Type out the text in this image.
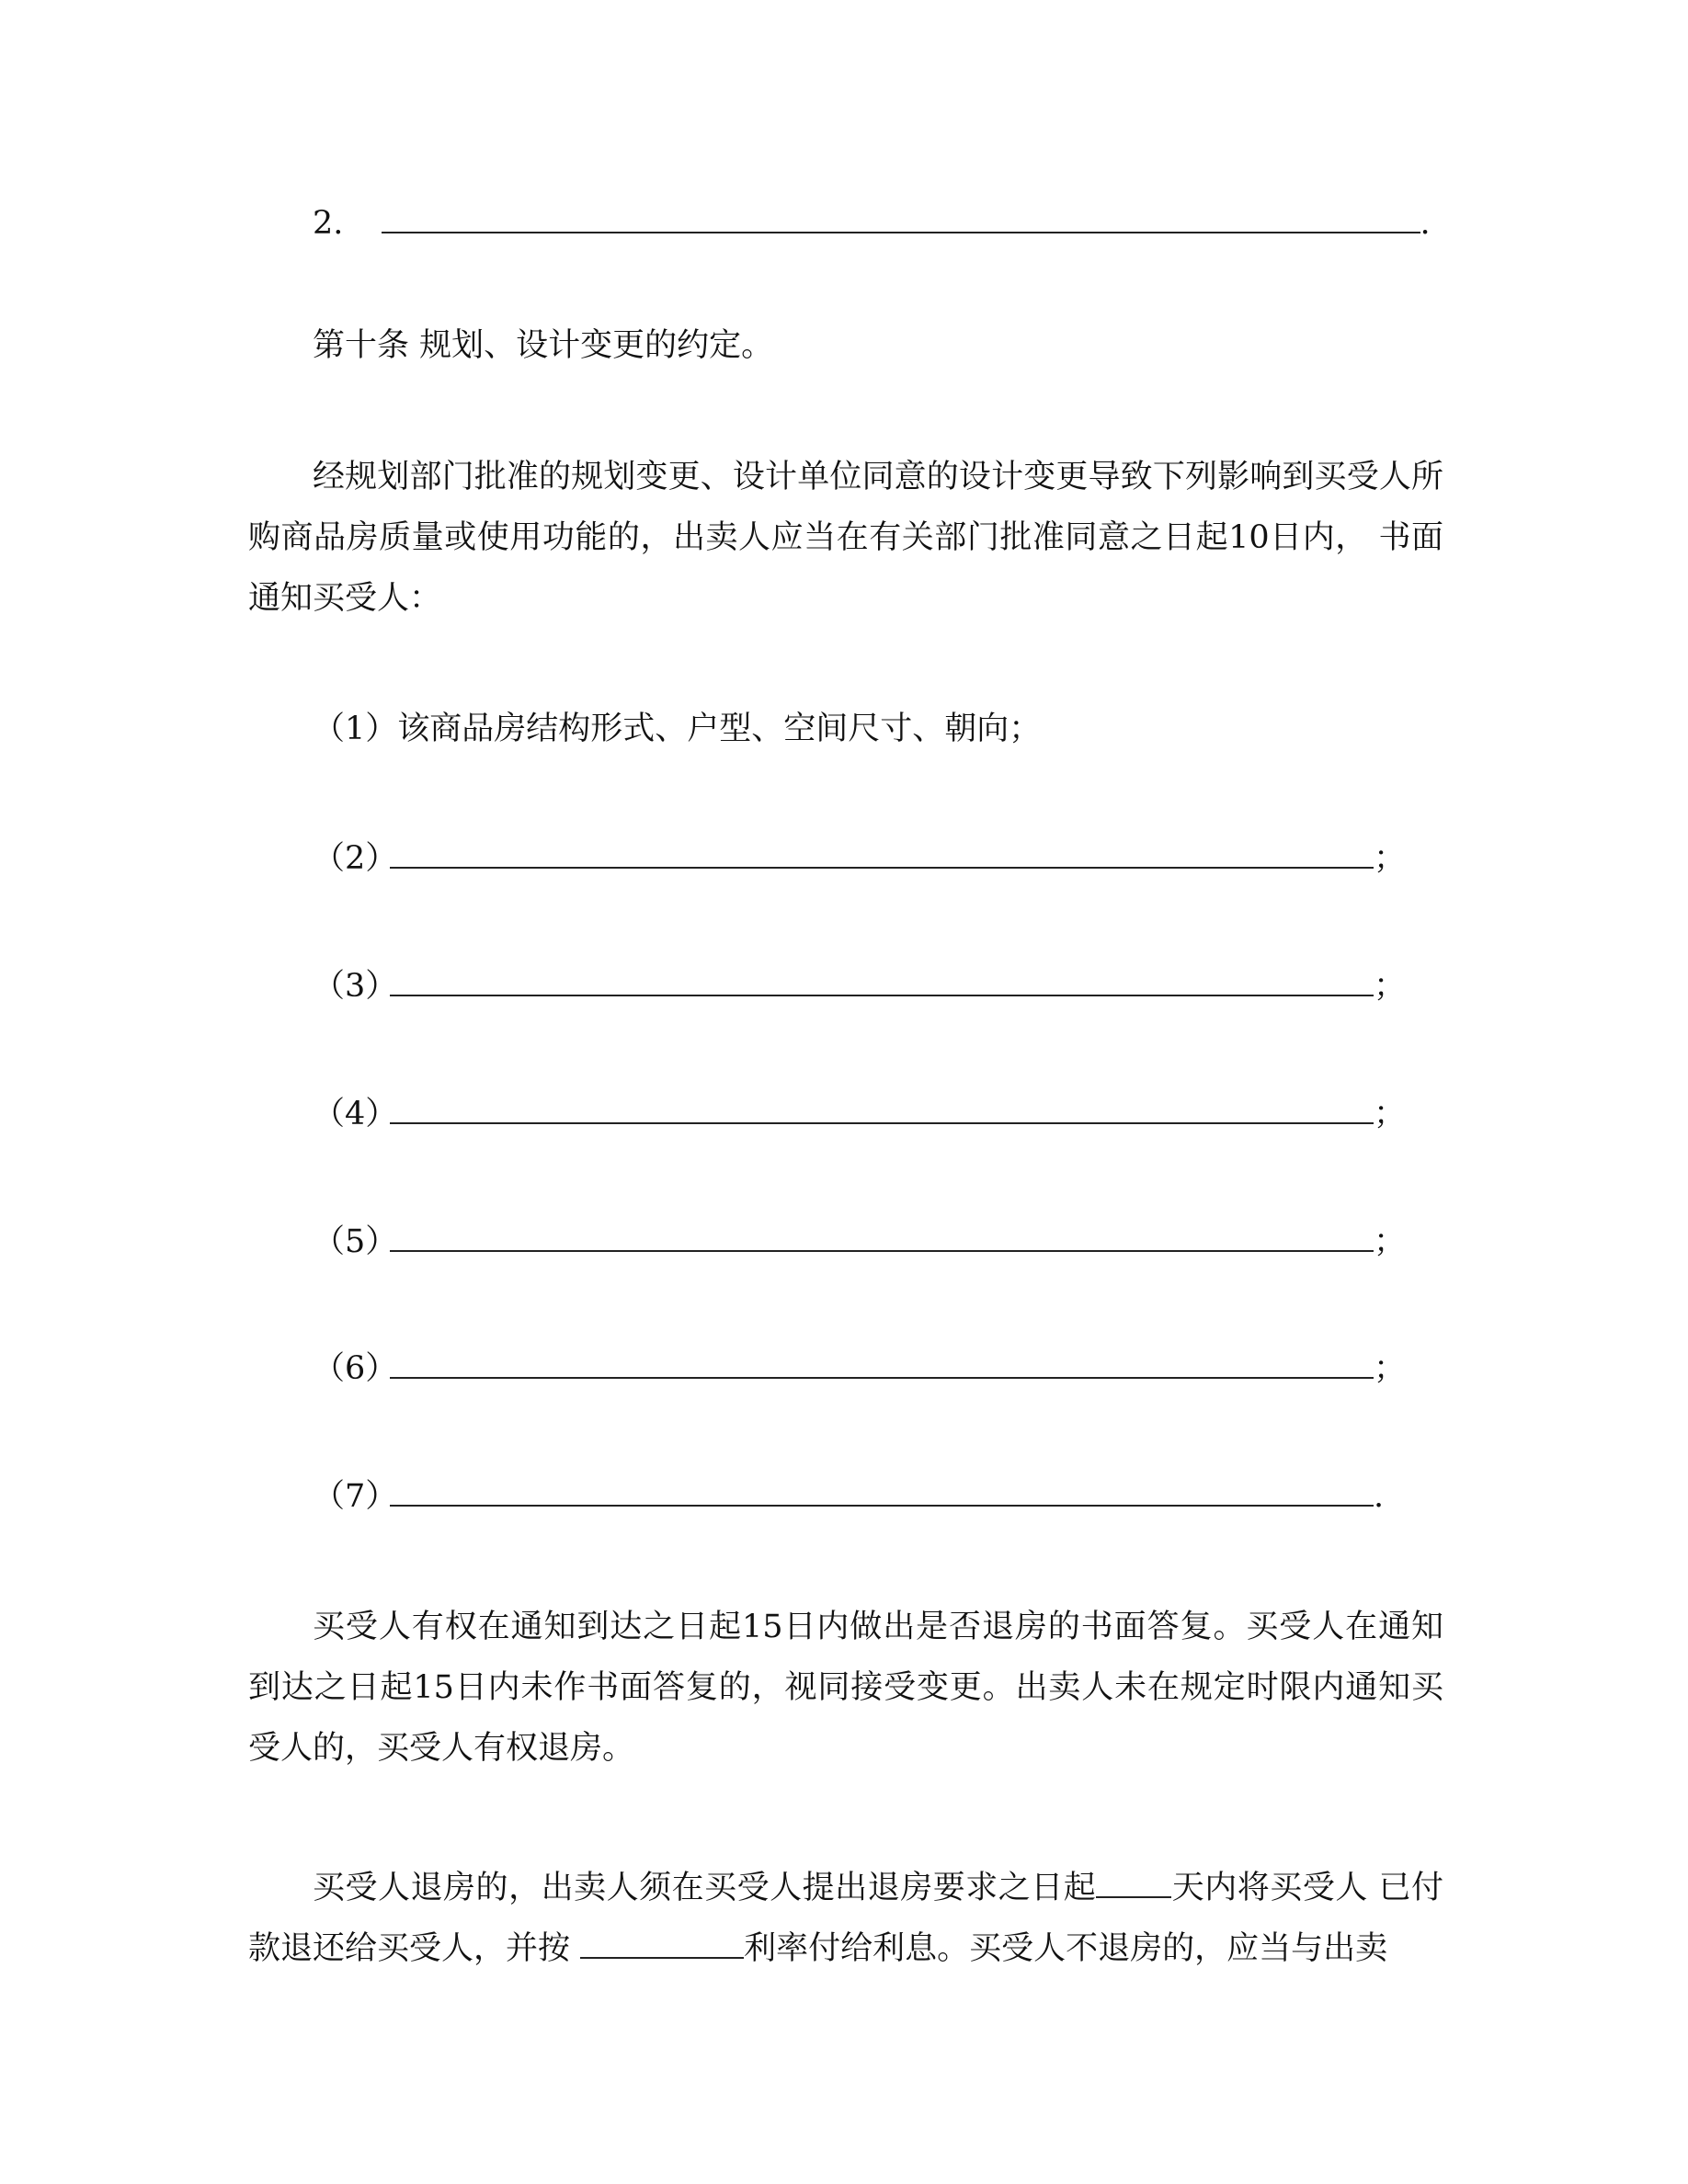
2.	.
第十条 规划、设计变更的约定。
经规划部门批准的规划变更、设计单位同意的设计变更导致下列影响到买受人所购商品房质量或使用功能的，出卖人应当在有关部门批准同意之日起10日内， 书面通知买受人：
（1）该商品房结构形式、户型、空间尺寸、朝向；
（2）	；
（3）	；
（4）	；
（5）	；
（6）	；
（7）	.
买受人有权在通知到达之日起15日内做出是否退房的书面答复。买受人在通知到达之日起15日内未作书面答复的，视同接受变更。出卖人未在规定时限内通知买受人的，买受人有权退房。
买受人退房的，出卖人须在买受人提出退房要求之日起 天内将买受人 已付款退还给买受人，并按	利率付给利息。买受人不退房的，应当与出卖
